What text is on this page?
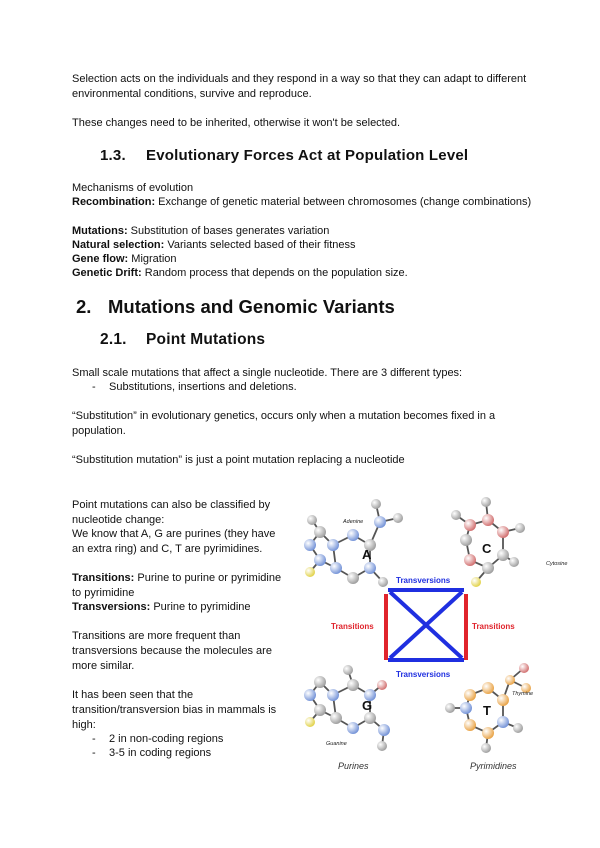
Selection acts on the individuals and they respond in a way so that they can adapt to different environmental conditions, survive and reproduce.
These changes need to be inherited, otherwise it won't be selected.
1.3. Evolutionary Forces Act at Population Level
Mechanisms of evolution
Recombination: Exchange of genetic material between chromosomes (change combinations)
Mutations: Substitution of bases generates variation
Natural selection: Variants selected based of their fitness
Gene flow: Migration
Genetic Drift: Random process that depends on the population size.
2. Mutations and Genomic Variants
2.1. Point Mutations
Small scale mutations that affect a single nucleotide. There are 3 different types:
- Substitutions, insertions and deletions.
“Substitution” in evolutionary genetics, occurs only when a mutation becomes fixed in a population.
“Substitution mutation” is just a point mutation replacing a nucleotide
Point mutations can also be classified by nucleotide change:
We know that A, G are purines (they have an extra ring) and C, T are pyrimidines.
Transitions: Purine to purine or pyrimidine to pyrimidine
Transversions: Purine to pyrimidine
Transitions are more frequent than transversions because the molecules are more similar.
It has been seen that the transition/transversion bias in mammals is high:
- 2 in non-coding regions
- 3-5 in coding regions
A
Adenine
C
Cytosine
Transversions
Transversions
Transitions	Transitions
G
Guanine
T
Thymine
Purines	Pyrimidines
